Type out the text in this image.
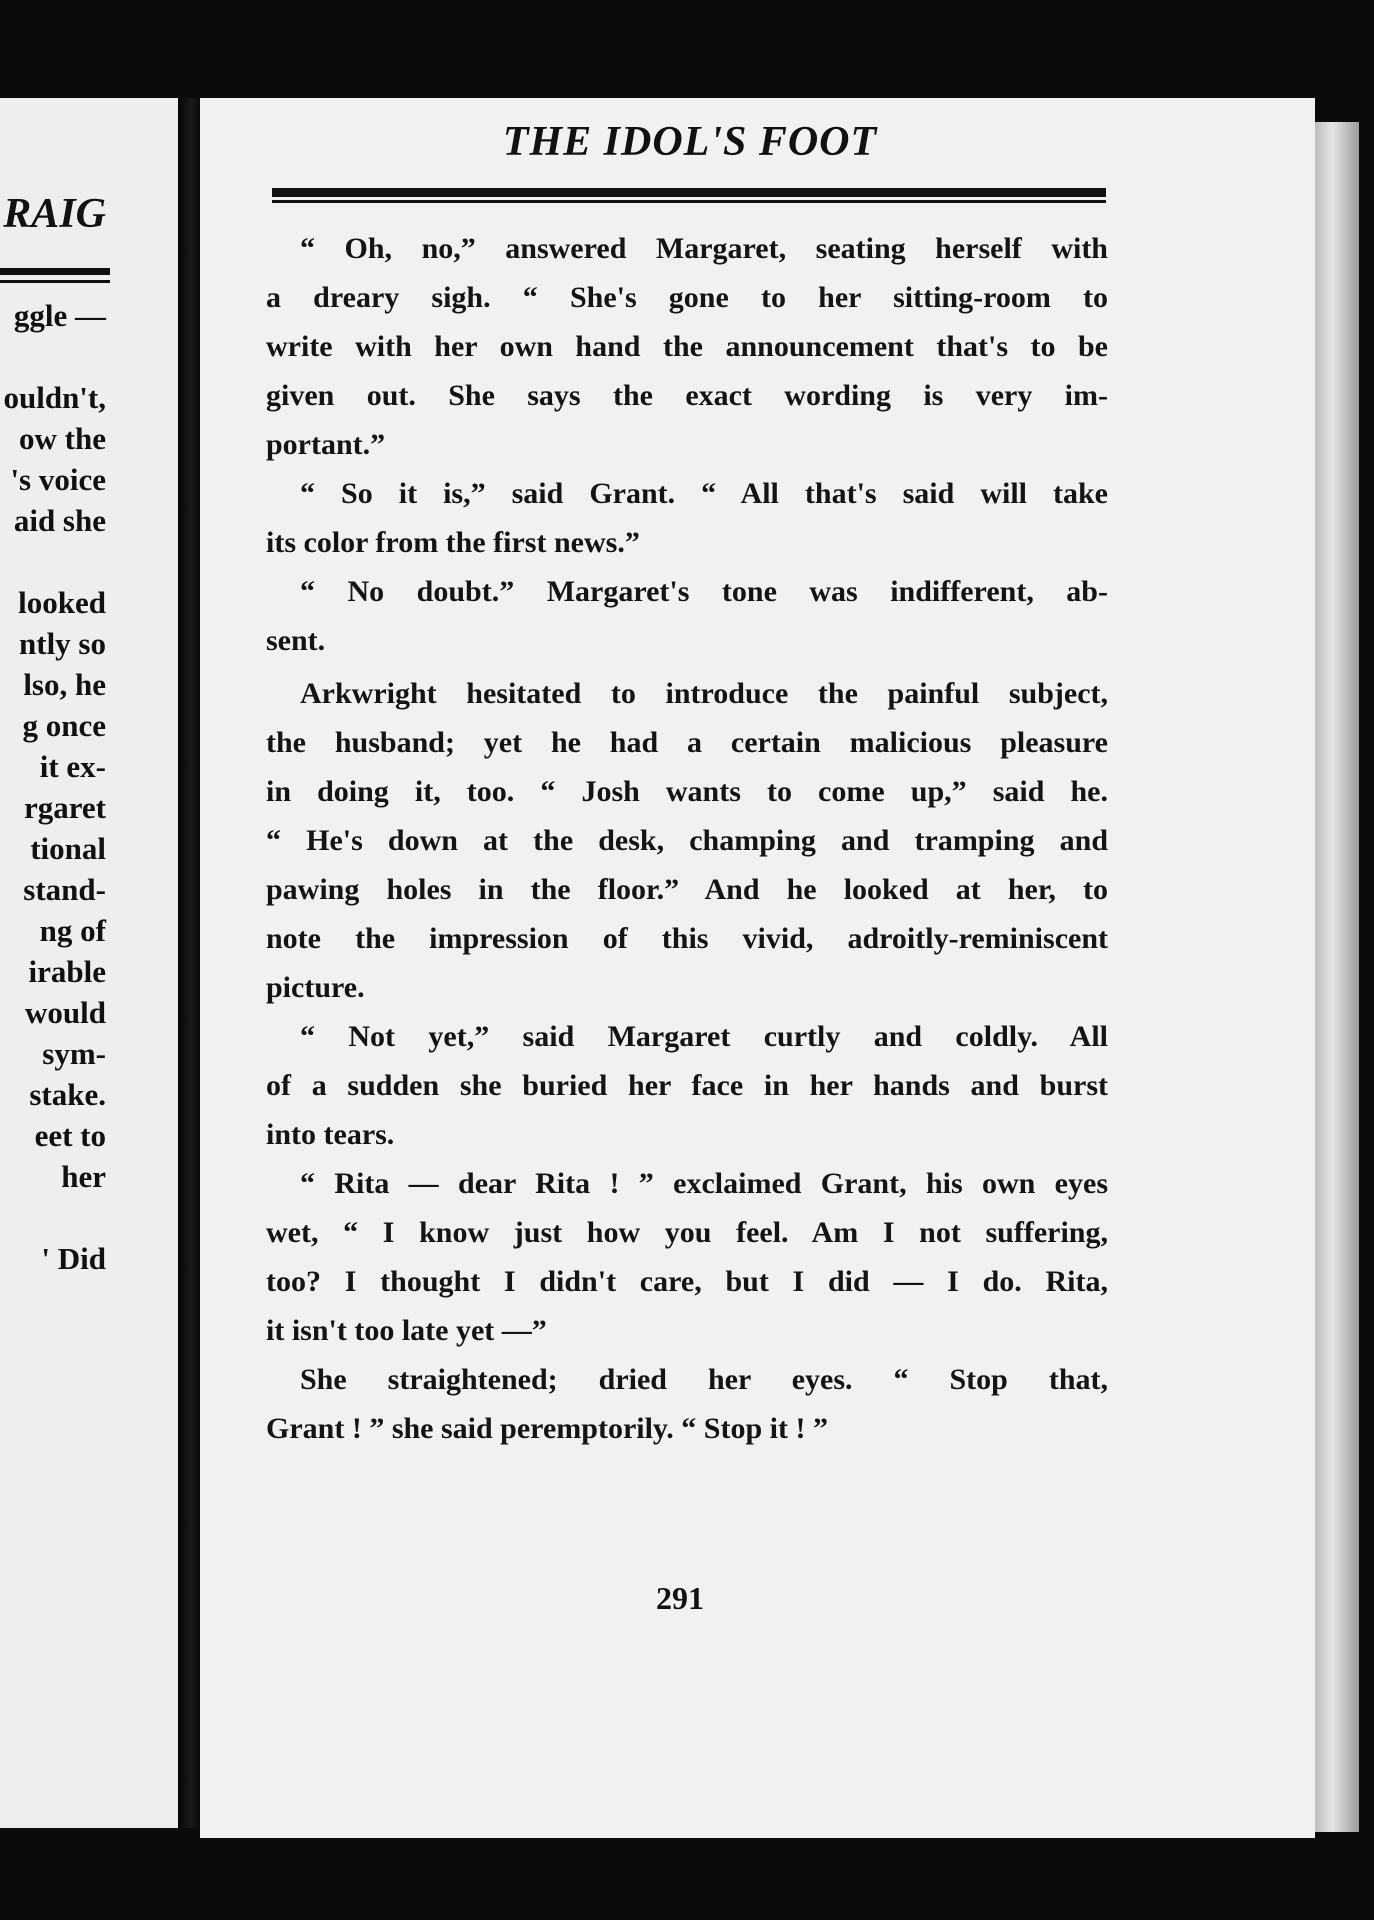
RAIG
ggle —
ouldn't,
ow the
's voice
aid she
looked
ntly so
lso, he
g once
it ex-
rgaret
tional
stand-
ng of
irable
would
sym-
stake.
eet to
her
' Did
THE IDOL'S FOOT
“ Oh, no,” answered Margaret, seating herself with
a dreary sigh. “ She's gone to her sitting-room to
write with her own hand the announcement that's to be
given out. She says the exact wording is very im-
portant.”
“ So it is,” said Grant. “ All that's said will take
its color from the first news.”
“ No doubt.” Margaret's tone was indifferent, ab-
sent.
Arkwright hesitated to introduce the painful subject,
the husband; yet he had a certain malicious pleasure
in doing it, too. “ Josh wants to come up,” said he.
“ He's down at the desk, champing and tramping and
pawing holes in the floor.” And he looked at her, to
note the impression of this vivid, adroitly-reminiscent
picture.
“ Not yet,” said Margaret curtly and coldly. All
of a sudden she buried her face in her hands and burst
into tears.
“ Rita — dear Rita ! ” exclaimed Grant, his own eyes
wet, “ I know just how you feel. Am I not suffering,
too? I thought I didn't care, but I did — I do. Rita,
it isn't too late yet —”
She straightened; dried her eyes. “ Stop that,
Grant ! ” she said peremptorily. “ Stop it ! ”
291
